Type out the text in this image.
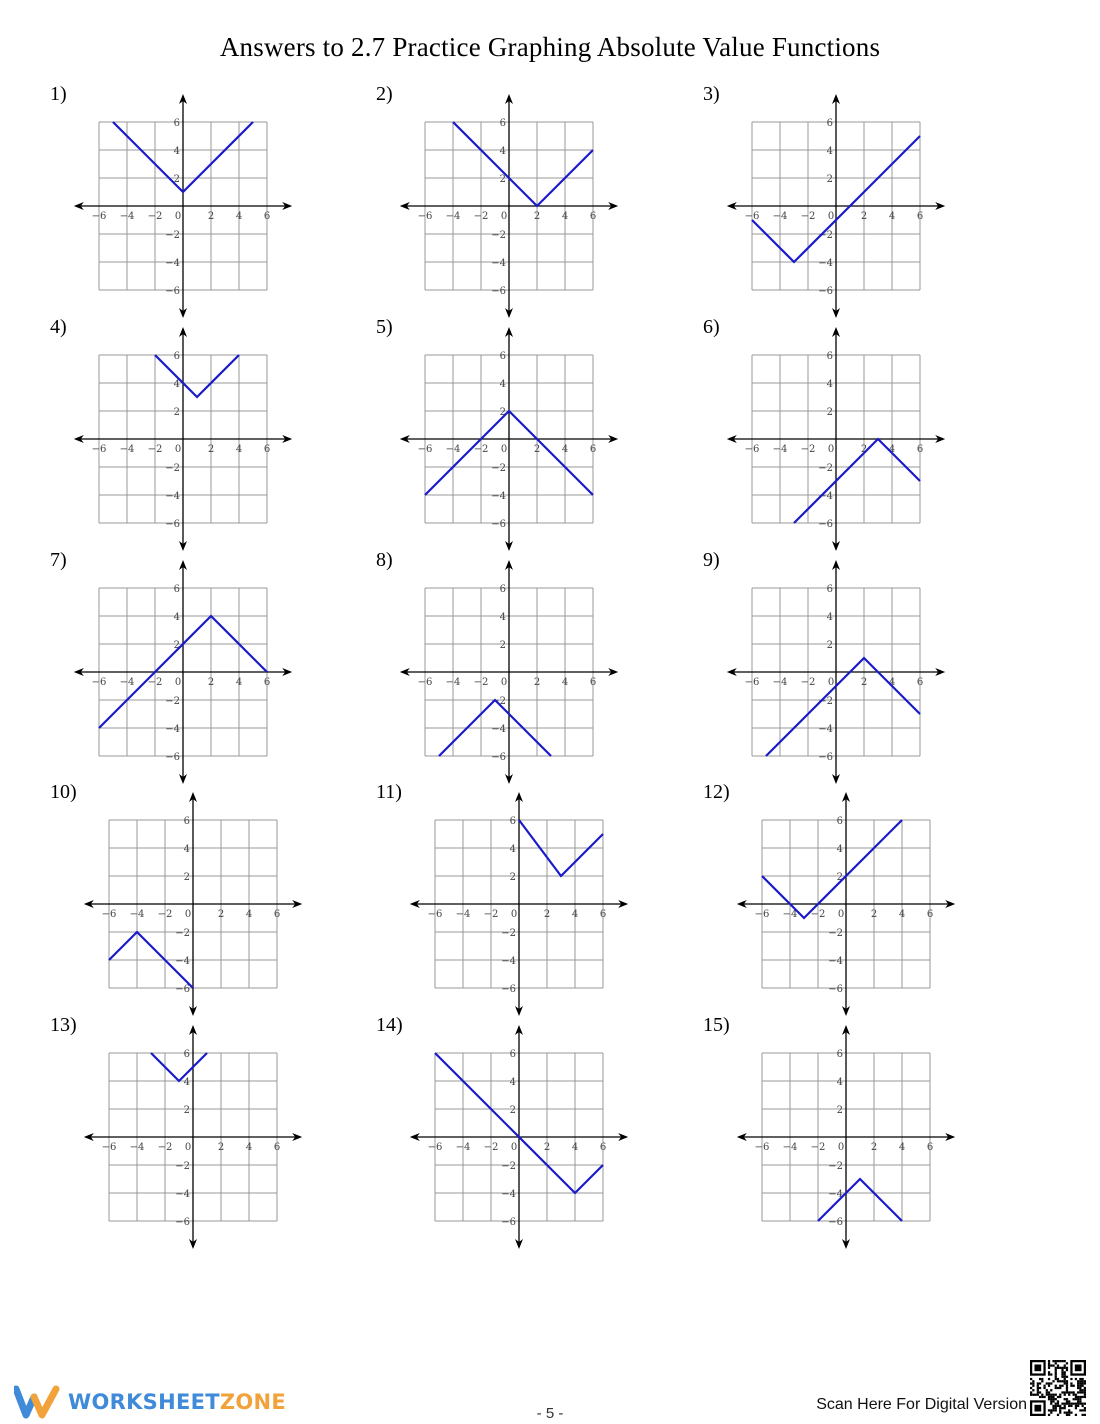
Answers to 2.7 Practice Graphing Absolute Value Functions
1)
−6 −4 −2 0	2 4 6
6
4
2
−2
−4
−6
2)
−6 −4 −2 0	2 4 6
6
4
2
−2
−4
−6
3)
−6 −4 −2 0	2 4 6
6
4
2
−2
−4
−6
4)
−6 −4 −2 0	2 4 6
6
4
2
−2
−4
−6
5)
−6 −4 −2 0	2 4 6
6
4
2
−2
−4
−6
6)
−6 −4 −2 0	2 4 6
6
4
2
−2
−4
−6
7)
−6 −4 −2 0	2 4 6
6
4
2
−2
−4
−6
8)
−6 −4 −2 0	2 4 6
6
4
2
−2
−4
−6
9)
−6 −4 −2 0	2 4 6
6
4
2
−2
−4
−6
10)
−6 −4 −2 0	2 4 6
6
4
2
−2
−4
−6
11)
−6 −4 −2 0	2 4 6
6
4
2
−2
−4
−6
12)
−6 −4 −2 0	2 4 6
6
4
2
−2
−4
−6
13)
−6 −4 −2 0	2 4 6
6
4
2
−2
−4
−6
14)
−6 −4 −2 0	2 4 6
6
4
2
−2
−4
−6
15)
−6 −4 −2 0	2 4 6
6
4
2
−2
−4
−6
WORKSHEETZONE	- 5 -
Scan Here For Digital Version
